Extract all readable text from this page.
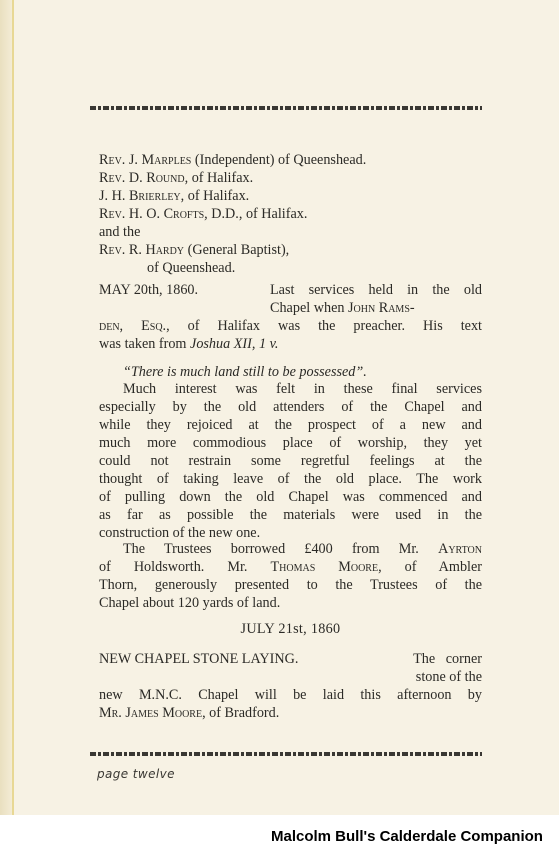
Rev. J. Marples (Independent) of Queenshead.
Rev. D. Round, of Halifax.
J. H. Brierley, of Halifax.
Rev. H. O. Crofts, D.D., of Halifax.
and the
Rev. R. Hardy (General Baptist),
of Queenshead.
MAY 20th, 1860.	Last services held in the old
Chapel when John Rams-
den, Esq., of Halifax was the preacher. His text
was taken from Joshua XII, 1 v.
“There is much land still to be possessed”.
Much interest was felt in these final services
especially by the old attenders of the Chapel and
while they rejoiced at the prospect of a new and
much more commodious place of worship, they yet
could not restrain some regretful feelings at the
thought of taking leave of the old place. The work
of pulling down the old Chapel was commenced and
as far as possible the materials were used in the
construction of the new one.
The Trustees borrowed £400 from Mr. Ayrton
of Holdsworth. Mr. Thomas Moore, of Ambler
Thorn, generously presented to the Trustees of the
Chapel about 120 yards of land.
JULY 21st, 1860
NEW CHAPEL STONE LAYING.	The   corner
stone of the
new M.N.C. Chapel will be laid this afternoon by
Mr. James Moore, of Bradford.
page twelve
Malcolm Bull's Calderdale Companion
